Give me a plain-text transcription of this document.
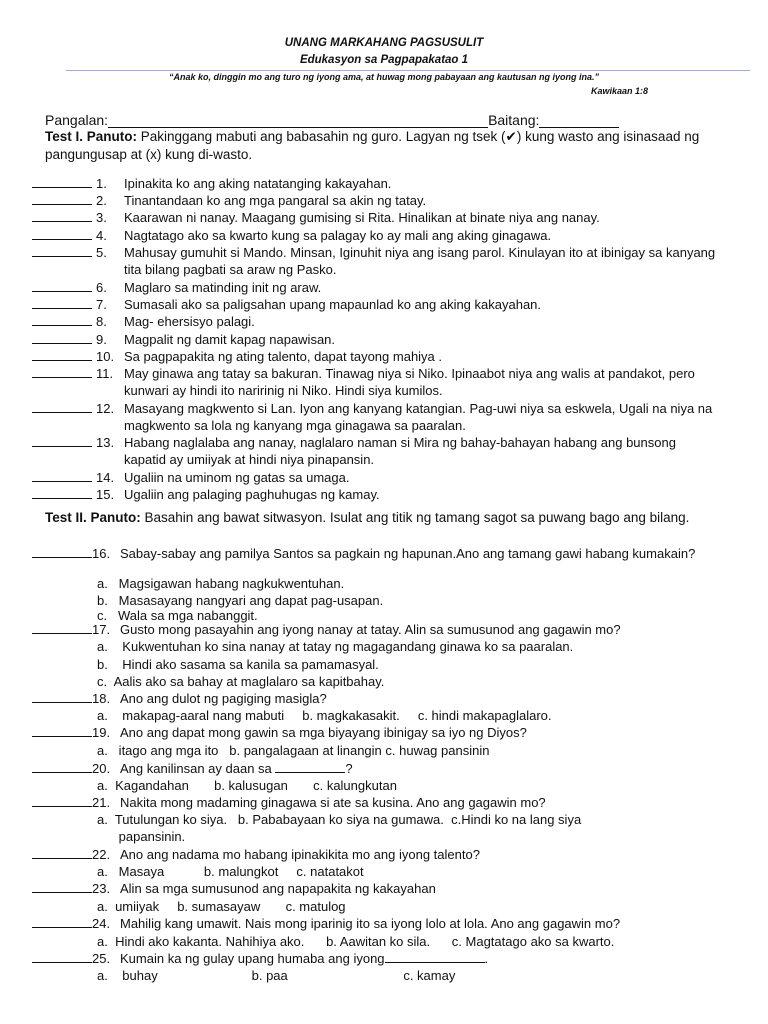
UNANG MARKAHANG PAGSUSULIT
Edukasyon sa Pagpapakatao 1
“Anak ko, dinggin mo ang turo ng iyong ama, at huwag mong pabayaan ang kautusan ng iyong ina.”
Kawikaan 1:8
Pangalan:	Baitang:
Test I. Panuto: Pakinggang mabuti ang babasahin ng guro. Lagyan ng tsek (✔) kung wasto ang isinasaad ng pangungusap at (x) kung di-wasto.
1. Ipinakita ko ang aking natatanging kakayahan.
2. Tinantandaan ko ang mga pangaral sa akin ng tatay.
3. Kaarawan ni nanay. Maagang gumising si Rita. Hinalikan at binate niya ang nanay.
4. Nagtatago ako sa kwarto kung sa palagay ko ay mali ang aking ginagawa.
5. Mahusay gumuhit si Mando. Minsan, Iginuhit niya ang isang parol. Kinulayan ito at ibinigay sa kanyang tita bilang pagbati sa araw ng Pasko.
6. Maglaro sa matinding init ng araw.
7. Sumasali ako sa paligsahan upang mapaunlad ko ang aking kakayahan.
8. Mag- ehersisyo palagi.
9. Magpalit ng damit kapag napawisan.
10. Sa pagpapakita ng ating talento, dapat tayong mahiya .
11. May ginawa ang tatay sa bakuran. Tinawag niya si Niko. Ipinaabot niya ang walis at pandakot, pero kunwari ay hindi ito naririnig ni Niko. Hindi siya kumilos.
12. Masayang magkwento si Lan. Iyon ang kanyang katangian. Pag-uwi niya sa eskwela, Ugali na niya na magkwento sa lola ng kanyang mga ginagawa sa paaralan.
13. Habang naglalaba ang nanay, naglalaro naman si Mira ng bahay-bahayan habang ang bunsong kapatid ay umiiyak at hindi niya pinapansin.
14. Ugaliin na uminom ng gatas sa umaga.
15. Ugaliin ang palaging paghuhugas ng kamay.
Test II. Panuto: Basahin ang bawat sitwasyon. Isulat ang titik ng tamang sagot sa puwang bago ang bilang.
16. Sabay-sabay ang pamilya Santos sa pagkain ng hapunan.Ano ang tamang gawi habang kumakain?
a.   Magsigawan habang nagkukwentuhan.
b.   Masasayang nangyari ang dapat pag-usapan.
c.   Wala sa mga nabanggit.
17. Gusto mong pasayahin ang iyong nanay at tatay. Alin sa sumusunod ang gagawin mo?
a.    Kukwentuhan ko sina nanay at tatay ng magagandang ginawa ko sa paaralan.
b.    Hindi ako sasama sa kanila sa pamamasyal.
c.  Aalis ako sa bahay at maglalaro sa kapitbahay.
18. Ano ang dulot ng pagiging masigla?
a.    makapag-aaral nang mabuti     b. magkakasakit.     c. hindi makapaglalaro.
19. Ano ang dapat mong gawin sa mga biyayang ibinigay sa iyo ng Diyos?
a.   itago ang mga ito   b. pangalagaan at linangin c. huwag pansinin
20. Ang kanilinsan ay daan sa	?
a.  Kagandahan       b. kalusugan       c. kalungkutan
21. Nakita mong madaming ginagawa si ate sa kusina. Ano ang gagawin mo?
a.  Tutulungan ko siya.   b. Pababayaan ko siya na gumawa.  c.Hindi ko na lang siya
papansinin.
22. Ano ang nadama mo habang ipinakikita mo ang iyong talento?
a.   Masaya           b. malungkot     c. natatakot
23. Alin sa mga sumusunod ang napapakita ng kakayahan
a.  umiiyak     b. sumasayaw       c. matulog
24. Mahilig kang umawit. Nais mong iparinig ito sa iyong lolo at lola. Ano ang gagawin mo?
a.  Hindi ako kakanta. Nahihiya ako.      b. Aawitan ko sila.      c. Magtatago ako sa kwarto.
25. Kumain ka ng gulay upang humaba ang iyong	.
a.    buhay                          b. paa                                c. kamay
